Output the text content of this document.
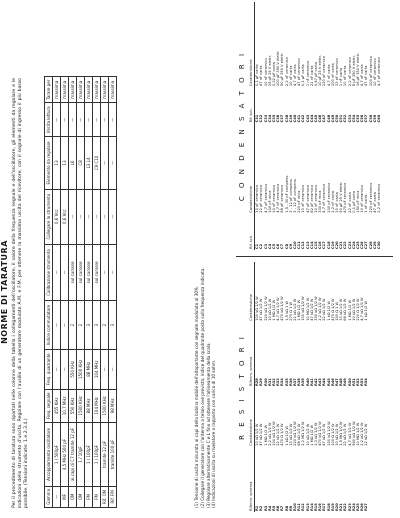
NORME DI TARATURA Per il procedimento di taratura sono riportati nelle colonne della tabella i collegamenti dell'oscillatore, il valore della frequenza segnale e dell'oscillatore, gli elementi da regolare e le indicazioni dello strumento d'uscita. Regolare con l'ausilio di un generatore modulato A.M. e F.M. per ottenere la massima uscita del ricevitore, con il segnale di ingresso il più basso possibile. (Tensioni indicate: 1.e.2.3.4.)	Gamma	Accoppiamento oscillatore	Freq. segnale	Freq. quadrante	Indice commutatore	Calibrazione strumento	Collegare lo strumento	Elemento da regolare	Uscita lettura	Tarare per
—	1 / 500pF	455 KHz	—	—	—	0,6 Vcc	13	—	massima
MF	4,5 MHz 500 pF	10,7 MHz	—	—	—	0,6 Vcc	13	—	massima
OM	ai capi di C7 tramite 12 pF	550 KHz	550 KHz	2	sul cursore	—	L6	—	massima
OM	1 / 10pF	1500 KHz	1500 KHz	2	sul cursore	—	C8	—	massima
FM	1 / 100pF	88 MHz	88 MHz	3	sul cursore	—	L3 L4	—	massima
FM	1 / 100pF	104 MHz	104 MHz	3	sul cursore	—	C9 C10	—	massima
Rif. OM	tramite 12 pF	1500 KHz	—	2	—	—	—	—	massima
Rif. FM	tramite 100 pF	98 MHz	—	3	—	—	—	—	massima
(1) Tensione di uscita misurata ai capi della bobina mobile dell'altoparlante con segnale modulato al 30%. (2) Collegare il generatore con l'antenna a telaio ove prevista; indice del quadrante posto sulla frequenza indicata. (3) Regolare alternativamente C e L fino ad ottenere l'allineamento della scala. (4) Indicazioni di uscita su rivelatore a rapporto con carico di 10 kohm.	R E S I S T O R I
Riferim. schema	Caratteristiche	Riferim. schema	Caratteristiche
R1	10 kΩ 1/2 W	R28	100 kΩ 1/2 W
R2	47 kΩ 1/2 W	R29	47 kΩ 1/2 W
R3	1 MΩ 1/2 W	R30	220 kΩ 1/2 W
R4	2,2 kΩ 1/2 W	R31	10 kΩ 1/2 W
R5	100 kΩ 1/2 W	R32	1 MΩ 1/2 W
R6	22 kΩ 1/2 W	R33	4,7 kΩ 1/2 W
R7	470 Ω 1/2 W	R34	470 kΩ 1/2 W
R8	1 kΩ 1/2 W	R35	1,5 kΩ 1 W
R9	33 kΩ 1/2 W	R36	270 Ω 1 W
R10	220 kΩ 1/2 W	R37	22 kΩ 1/2 W
R11	68 kΩ 1/2 W	R38	1 MΩ 1/2 W
R12	2,2 MΩ 1/2 W	R39	100 kΩ 1/2 W
R13	10 kΩ 1/2 W	R40	10 MΩ 1/2 W
R14	1 MΩ 1/2 W	R41	47 kΩ 1/2 W
R15	3,3 kΩ 1/2 W	R42	330 kΩ 1/2 W
R16	470 kΩ 1/2 W	R43	2,2 kΩ 1/2 W
R17	47 kΩ 1/2 W	R44	22 kΩ 1/2 W
R18	150 kΩ 1/2 W	R45	1 kΩ 1/2 W
R19	100 Ω 1/2 W	R46	470 Ω 1/2 W
R20	10 kΩ 1/2 W	R47	150 Ω 1 W
R21	1,5 MΩ 1/2 W	R48	33 kΩ 1/2 W
R22	22 kΩ 1/2 W	R49	68 kΩ 1/2 W
R23	4,7 kΩ 1/2 W	R50	1 MΩ 1/2 W
R24	560 kΩ 1/2 W	R51	10 kΩ 1/2 W
R25	10 MΩ 1/2 W	R52	220 Ω 1/2 W
R26	2,2 kΩ 1/2 W	R53	4,7 kΩ 1/2 W
R27	12 kΩ 1/2 W	R54	1 kΩ 1/2 W
C O N D E N S A T O R I
Rif. sch.	Caratteristiche	Rif. sch.	Caratteristiche
C1	10 pF ceramico	C31	0,1 µF carta
C2	22 pF ceramico	C32	47 nF carta
C3	4,7 pF ceramico	C33	10 nF ceramico
C4	100 pF mica	C34	25 µF 25 V elettr.
C5	10 nF ceramico	C35	0,22 µF carta
C6	4,7 nF ceramico	C36	100 µF 350 V elettr.
C7	68 pF ceramico	C37	50 µF 350 V elettr.
C8	1,5 - 30 pF compens.	C38	2,2 nF ceramico
C9	3 - 12 pF compens.	C39	10 nF carta
C10	3 - 12 pF compens.	C40	4,7 nF carta
C11	220 pF mica	C41	47 pF ceramico
C12	10 nF ceramico	C42	0,1 µF carta
C13	47 pF ceramico	C43	1 nF ceramico
C14	82 pF ceramico	C44	22 nF carta
C15	10 nF ceramico	C45	0,47 µF carta
C16	330 pF mica	C46	10 µF 25 V elettr.
C17	4,7 nF ceramico	C47	220 pF ceramico
C18	100 pF ceramico	C48	4,7 nF carta
C19	2,2 nF carta	C49	100 nF carta
C20	10 nF carta	C50	33 pF ceramico
C21	50 µF 25 V elettr.	C51	1 nF carta
C22	470 pF ceramico	C52	10 nF carta
C23	22 nF carta	C53	2,2 nF ceramico
C24	0,1 µF carta	C54	8 µF 350 V elettr.
C25	150 pF mica	C55	16 µF 350 V elettr.
C26	10 nF ceramico	C56	4,7 nF carta
C27	1 nF carta	C57	47 nF carta
C28	220 pF ceramico	C58	100 pF ceramico
C29	47 nF carta	C59	10 nF ceramico
C30	2,2 nF ceramico	C60	4,7 pF ceramico
